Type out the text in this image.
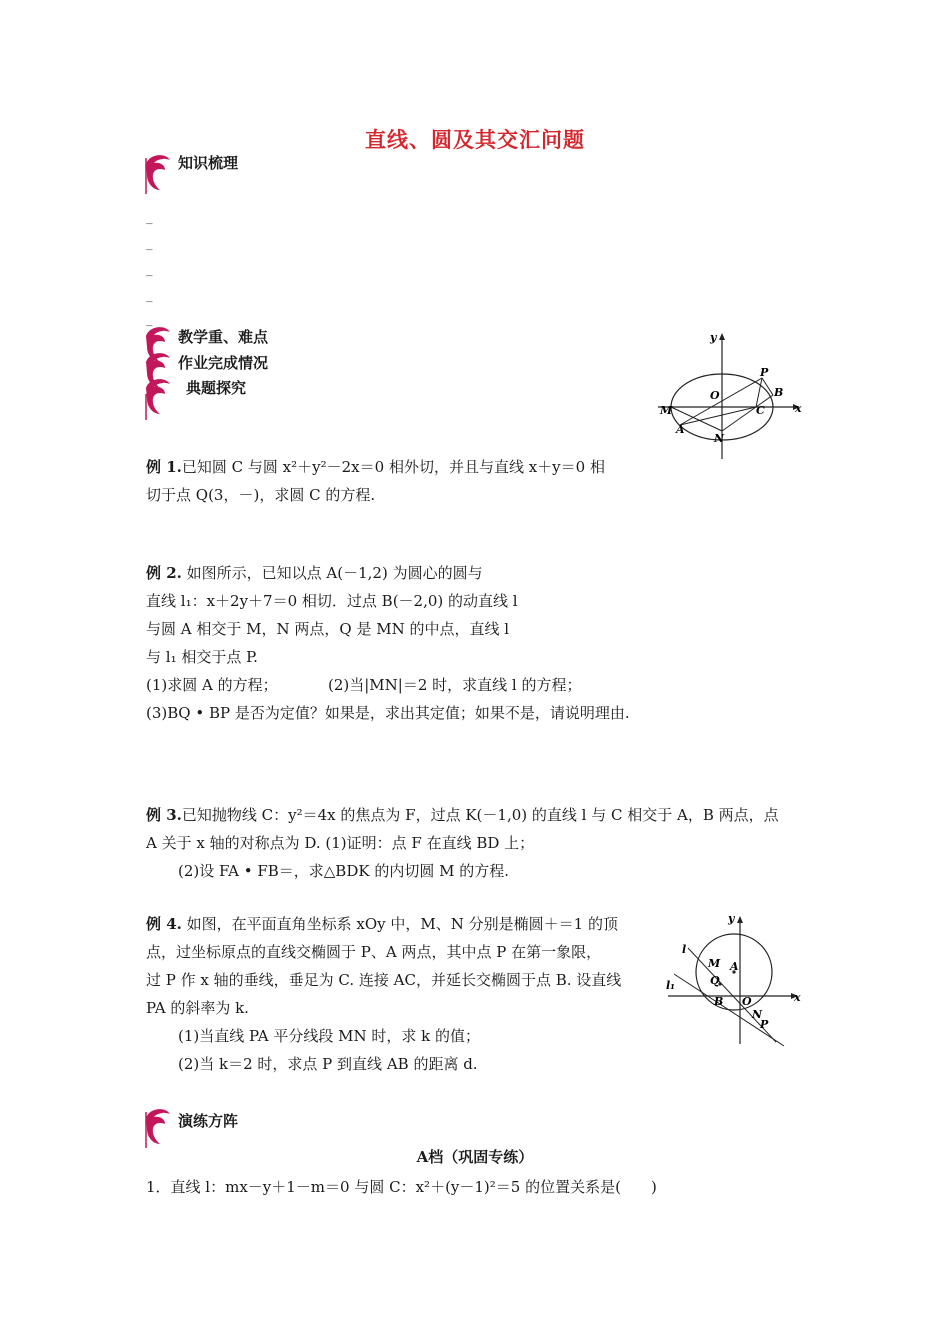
直线、圆及其交汇问题
知识梳理
_
_
_
_
_
教学重、难点
作业完成情况
典题探究
y
x
O
P
B
M	C
A
N
例 1.已知圆 C 与圆 x²＋y²－2x＝0 相外切，并且与直线 x＋y＝0 相
切于点 Q(3，－)，求圆 C 的方程.
例 2. 如图所示，已知以点 A(－1,2) 为圆心的圆与
直线 l₁：x＋2y＋7＝0 相切．过点 B(－2,0) 的动直线 l
与圆 A 相交于 M，N 两点，Q 是 MN 的中点，直线 l
与 l₁ 相交于点 P.
(1)求圆 A 的方程；	(2)当|MN|＝2 时，求直线 l 的方程；
(3)BQ • BP 是否为定值？如果是，求出其定值；如果不是，请说明理由.
例 3.已知抛物线 C：y²＝4x 的焦点为 F，过点 K(－1,0) 的直线 l 与 C 相交于 A，B 两点，点
A 关于 x 轴的对称点为 D. (1)证明：点 F 在直线 BD 上；
(2)设 FA • FB＝，求△BDK 的内切圆 M 的方程.
例 4. 如图，在平面直角坐标系 xOy 中，M、N 分别是椭圆＋＝1 的顶
点，过坐标原点的直线交椭圆于 P、A 两点，其中点 P 在第一象限，
过 P 作 x 轴的垂线，垂足为 C. 连接 AC，并延长交椭圆于点 B. 设直线
PA 的斜率为 k.
(1)当直线 PA 平分线段 MN 时，求 k 的值；
(2)当 k＝2 时，求点 P 到直线 AB 的距离 d.
l
l₁
y
x
M A
Q
B O
N
P
演练方阵
A档（巩固专练）
1．直线 l：mx－y＋1－m＝0 与圆 C：x²＋(y－1)²＝5 的位置关系是(　　)
